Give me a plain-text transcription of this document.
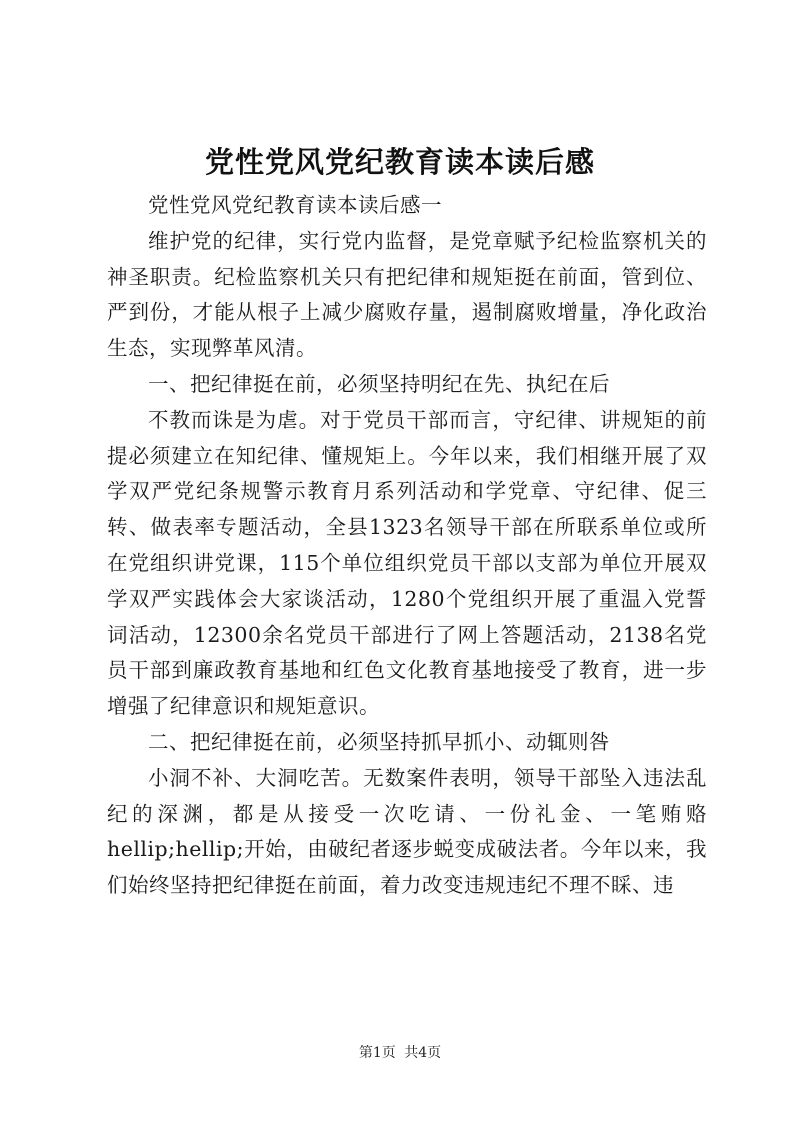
党性党风党纪教育读本读后感

党性党风党纪教育读本读后感一

维护党的纪律，实行党内监督，是党章赋予纪检监察机关的神圣职责。纪检监察机关只有把纪律和规矩挺在前面，管到位、严到份，才能从根子上减少腐败存量，遏制腐败增量，净化政治生态，实现弊革风清。

一、把纪律挺在前，必须坚持明纪在先、执纪在后

不教而诛是为虐。对于党员干部而言，守纪律、讲规矩的前提必须建立在知纪律、懂规矩上。今年以来，我们相继开展了双学双严党纪条规警示教育月系列活动和学党章、守纪律、促三转、做表率专题活动，全县1323名领导干部在所联系单位或所在党组织讲党课，115个单位组织党员干部以支部为单位开展双学双严实践体会大家谈活动，1280个党组织开展了重温入党誓词活动，12300余名党员干部进行了网上答题活动，2138名党员干部到廉政教育基地和红色文化教育基地接受了教育，进一步增强了纪律意识和规矩意识。

二、把纪律挺在前，必须坚持抓早抓小、动辄则咎

小洞不补、大洞吃苦。无数案件表明，领导干部坠入违法乱纪的深渊，都是从接受一次吃请、一份礼金、一笔贿赂hellip;hellip;开始，由破纪者逐步蜕变成破法者。今年以来，我们始终坚持把纪律挺在前面，着力改变违规违纪不理不睬、违

第1页 共4页
